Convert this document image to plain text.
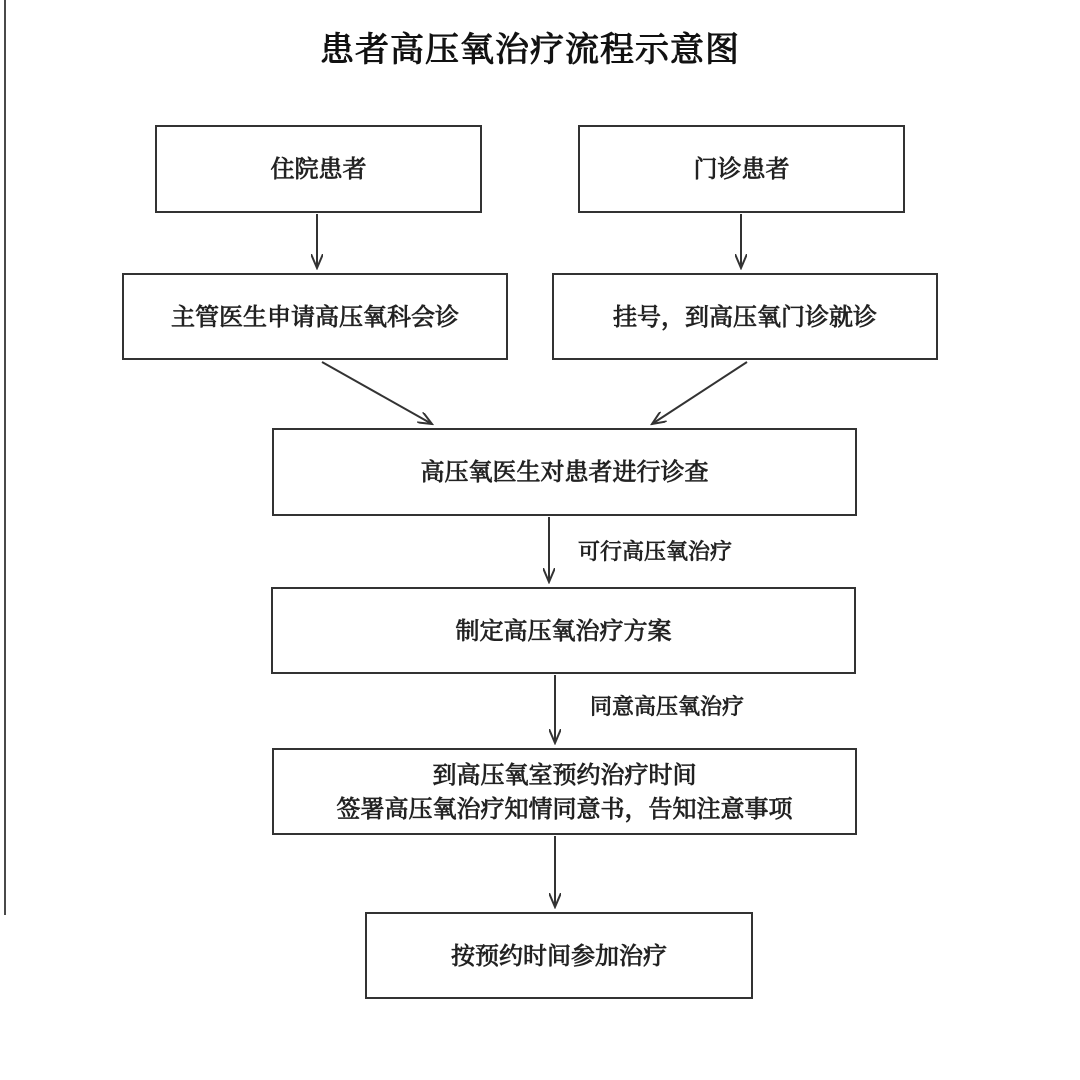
患者高压氧治疗流程示意图
住院患者	门诊患者
主管医生申请高压氧科会诊	挂号，到高压氧门诊就诊
高压氧医生对患者进行诊查
制定高压氧治疗方案
到高压氧室预约治疗时间
签署高压氧治疗知情同意书，告知注意事项
按预约时间参加治疗
可行高压氧治疗
同意高压氧治疗
